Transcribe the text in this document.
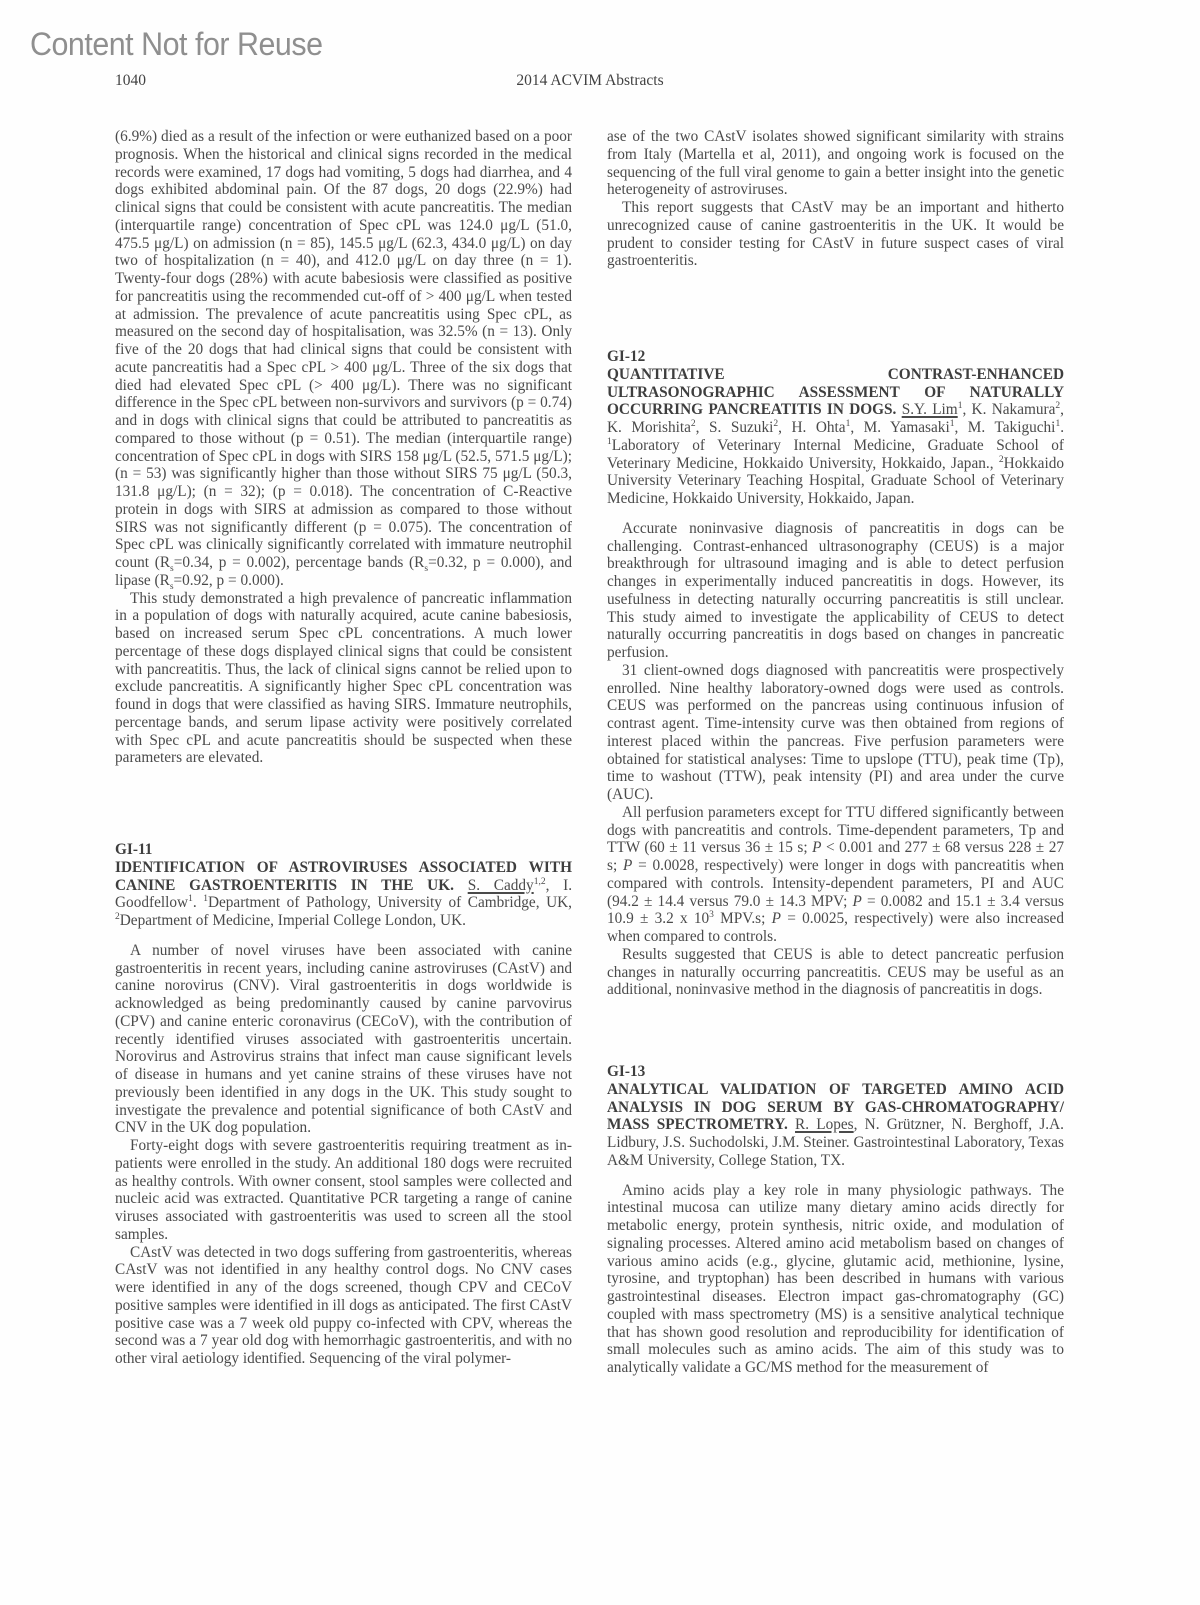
Content Not for Reuse
1040	2014 ACVIM Abstracts

(6.9%) died as a result of the infection or were euthanized based on a poor prognosis. When the historical and clinical signs recorded in the medical records were examined, 17 dogs had vomiting, 5 dogs had diarrhea, and 4 dogs exhibited abdominal pain. Of the 87 dogs, 20 dogs (22.9%) had clinical signs that could be consistent with acute pancreatitis. The median (interquartile range) concentration of Spec cPL was 124.0 μg/L (51.0, 475.5 μg/L) on admission (n = 85), 145.5 μg/L (62.3, 434.0 μg/L) on day two of hospitalization (n = 40), and 412.0 μg/L on day three (n = 1). Twenty-four dogs (28%) with acute babesiosis were classified as positive for pancreatitis using the recommended cut-off of > 400 μg/L when tested at admission. The prevalence of acute pancreatitis using Spec cPL, as measured on the second day of hospitalisation, was 32.5% (n = 13). Only five of the 20 dogs that had clinical signs that could be consistent with acute pancreatitis had a Spec cPL > 400 μg/L. Three of the six dogs that died had elevated Spec cPL (> 400 μg/L). There was no significant difference in the Spec cPL between non-survivors and survivors (p = 0.74) and in dogs with clinical signs that could be attributed to pancreatitis as compared to those without (p = 0.51). The median (interquartile range) concentration of Spec cPL in dogs with SIRS 158 μg/L (52.5, 571.5 μg/L); (n = 53) was significantly higher than those without SIRS 75 μg/L (50.3, 131.8 μg/L); (n = 32); (p = 0.018). The concentration of C-Reactive protein in dogs with SIRS at admission as compared to those without SIRS was not significantly different (p = 0.075). The concentration of Spec cPL was clinically significantly correlated with immature neutrophil count ($R_s=0.34$, p = 0.002), percentage bands ($R_s=0.32$, p = 0.000), and lipase ($R_s=0.92$, p = 0.000).

This study demonstrated a high prevalence of pancreatic inflammation in a population of dogs with naturally acquired, acute canine babesiosis, based on increased serum Spec cPL concentrations. A much lower percentage of these dogs displayed clinical signs that could be consistent with pancreatitis. Thus, the lack of clinical signs cannot be relied upon to exclude pancreatitis. A significantly higher Spec cPL concentration was found in dogs that were classified as having SIRS. Immature neutrophils, percentage bands, and serum lipase activity were positively correlated with Spec cPL and acute pancreatitis should be suspected when these parameters are elevated.

GI-11

IDENTIFICATION OF ASTROVIRUSES ASSOCIATED WITH CANINE GASTROENTERITIS IN THE UK. S. Caddy$^{1,2}$, I. Goodfellow$^1$. $^1$Department of Pathology, University of Cambridge, UK, $^2$Department of Medicine, Imperial College London, UK.

A number of novel viruses have been associated with canine gastroenteritis in recent years, including canine astroviruses (CAstV) and canine norovirus (CNV). Viral gastroenteritis in dogs worldwide is acknowledged as being predominantly caused by canine parvovirus (CPV) and canine enteric coronavirus (CECoV), with the contribution of recently identified viruses associated with gastroenteritis uncertain. Norovirus and Astrovirus strains that infect man cause significant levels of disease in humans and yet canine strains of these viruses have not previously been identified in any dogs in the UK. This study sought to investigate the prevalence and potential significance of both CAstV and CNV in the UK dog population.

Forty-eight dogs with severe gastroenteritis requiring treatment as in-patients were enrolled in the study. An additional 180 dogs were recruited as healthy controls. With owner consent, stool samples were collected and nucleic acid was extracted. Quantitative PCR targeting a range of canine viruses associated with gastroenteritis was used to screen all the stool samples.

CAstV was detected in two dogs suffering from gastroenteritis, whereas CAstV was not identified in any healthy control dogs. No CNV cases were identified in any of the dogs screened, though CPV and CECoV positive samples were identified in ill dogs as anticipated. The first CAstV positive case was a 7 week old puppy co-infected with CPV, whereas the second was a 7 year old dog with hemorrhagic gastroenteritis, and with no other viral aetiology identified. Sequencing of the viral polymer-

ase of the two CAstV isolates showed significant similarity with strains from Italy (Martella et al, 2011), and ongoing work is focused on the sequencing of the full viral genome to gain a better insight into the genetic heterogeneity of astroviruses.

This report suggests that CAstV may be an important and hitherto unrecognized cause of canine gastroenteritis in the UK. It would be prudent to consider testing for CAstV in future suspect cases of viral gastroenteritis.

GI-12

QUANTITATIVE CONTRAST-ENHANCED ULTRASONOGRAPHIC ASSESSMENT OF NATURALLY OCCURRING PANCREATITIS IN DOGS. S.Y. Lim$^1$, K. Nakamura$^2$, K. Morishita$^2$, S. Suzuki$^2$, H. Ohta$^1$, M. Yamasaki$^1$, M. Takiguchi$^1$. $^1$Laboratory of Veterinary Internal Medicine, Graduate School of Veterinary Medicine, Hokkaido University, Hokkaido, Japan., $^2$Hokkaido University Veterinary Teaching Hospital, Graduate School of Veterinary Medicine, Hokkaido University, Hokkaido, Japan.

Accurate noninvasive diagnosis of pancreatitis in dogs can be challenging. Contrast-enhanced ultrasonography (CEUS) is a major breakthrough for ultrasound imaging and is able to detect perfusion changes in experimentally induced pancreatitis in dogs. However, its usefulness in detecting naturally occurring pancreatitis is still unclear. This study aimed to investigate the applicability of CEUS to detect naturally occurring pancreatitis in dogs based on changes in pancreatic perfusion.

31 client-owned dogs diagnosed with pancreatitis were prospectively enrolled. Nine healthy laboratory-owned dogs were used as controls. CEUS was performed on the pancreas using continuous infusion of contrast agent. Time-intensity curve was then obtained from regions of interest placed within the pancreas. Five perfusion parameters were obtained for statistical analyses: Time to upslope (TTU), peak time (Tp), time to washout (TTW), peak intensity (PI) and area under the curve (AUC).

All perfusion parameters except for TTU differed significantly between dogs with pancreatitis and controls. Time-dependent parameters, Tp and TTW (60 ± 11 versus 36 ± 15 s; P < 0.001 and 277 ± 68 versus 228 ± 27 s; P = 0.0028, respectively) were longer in dogs with pancreatitis when compared with controls. Intensity-dependent parameters, PI and AUC (94.2 ± 14.4 versus 79.0 ± 14.3 MPV; P = 0.0082 and 15.1 ± 3.4 versus 10.9 ± 3.2 x $10^3$ MPV.s; P = 0.0025, respectively) were also increased when compared to controls.

Results suggested that CEUS is able to detect pancreatic perfusion changes in naturally occurring pancreatitis. CEUS may be useful as an additional, noninvasive method in the diagnosis of pancreatitis in dogs.

GI-13

ANALYTICAL VALIDATION OF TARGETED AMINO ACID ANALYSIS IN DOG SERUM BY GAS-CHROMATOGRAPHY/ MASS SPECTROMETRY. R. Lopes, N. Grützner, N. Berghoff, J.A. Lidbury, J.S. Suchodolski, J.M. Steiner. Gastrointestinal Laboratory, Texas A&M University, College Station, TX.

Amino acids play a key role in many physiologic pathways. The intestinal mucosa can utilize many dietary amino acids directly for metabolic energy, protein synthesis, nitric oxide, and modulation of signaling processes. Altered amino acid metabolism based on changes of various amino acids (e.g., glycine, glutamic acid, methionine, lysine, tyrosine, and tryptophan) has been described in humans with various gastrointestinal diseases. Electron impact gas-chromatography (GC) coupled with mass spectrometry (MS) is a sensitive analytical technique that has shown good resolution and reproducibility for identification of small molecules such as amino acids. The aim of this study was to analytically validate a GC/MS method for the measurement of
